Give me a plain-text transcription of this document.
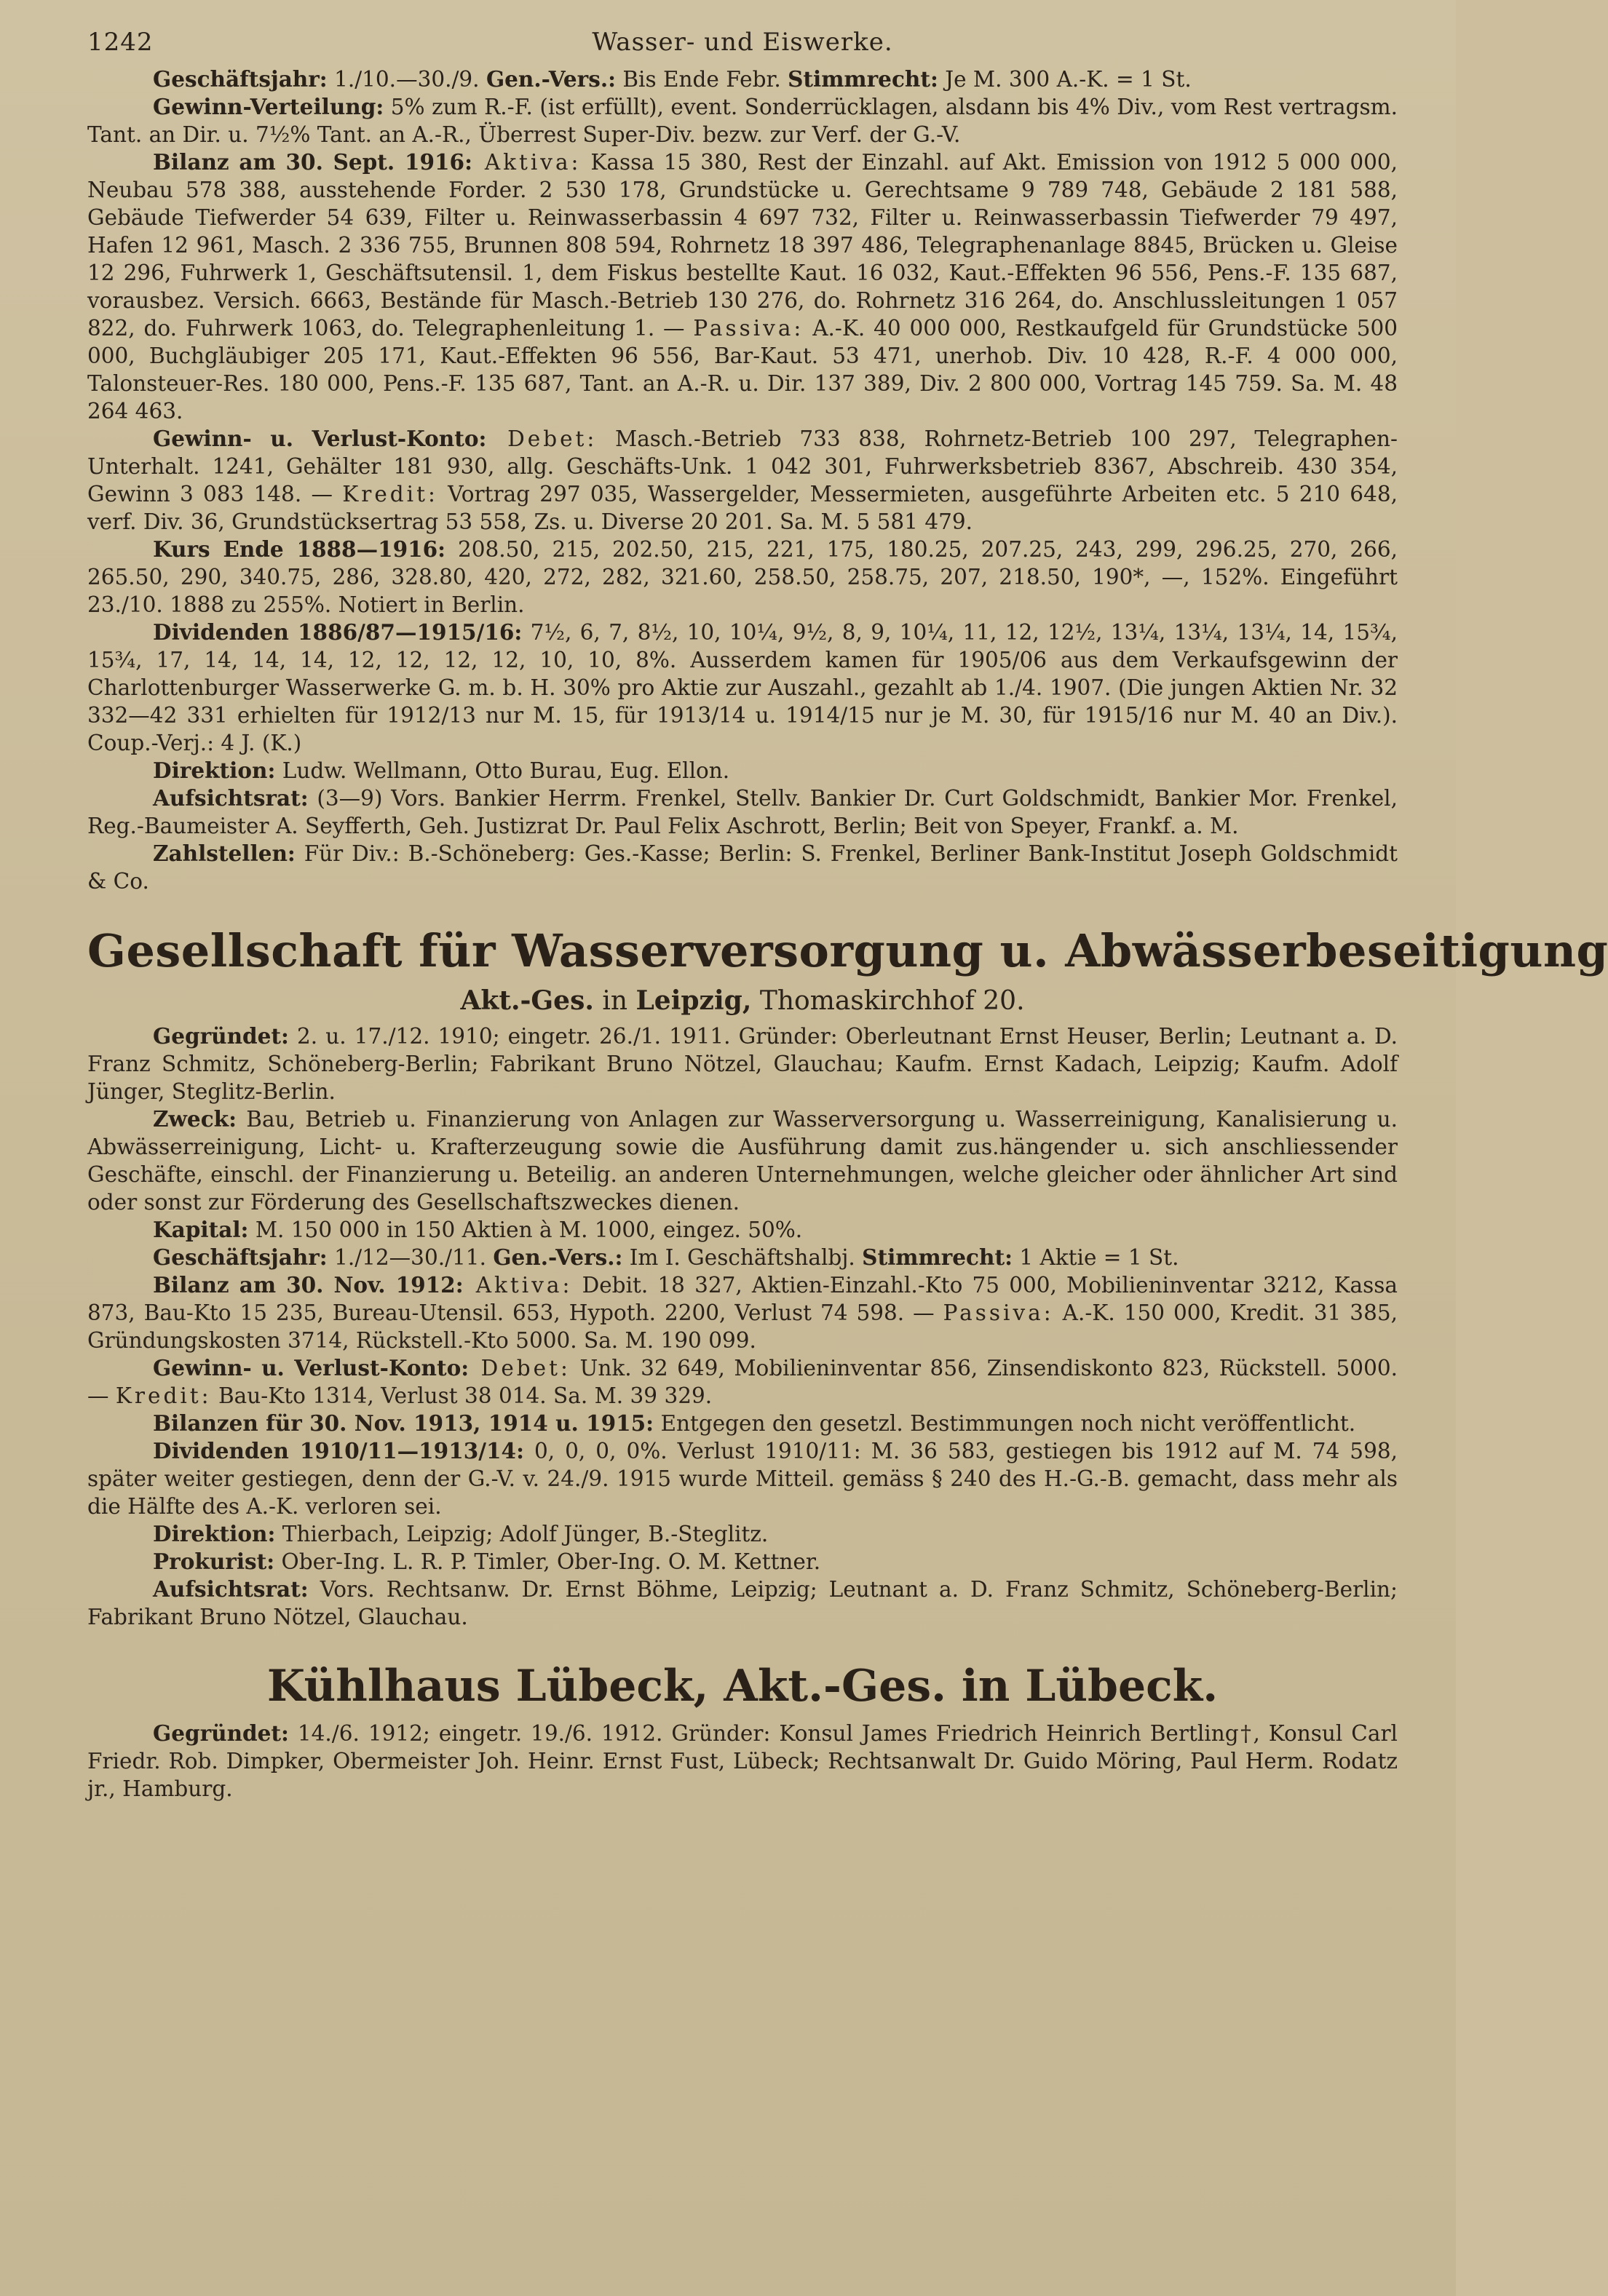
1242	Wasser- und Eiswerke.

Geschäftsjahr: 1./10.—30./9. Gen.-Vers.: Bis Ende Febr. Stimmrecht: Je M. 300 A.-K. = 1 St.

Gewinn-Verteilung: 5% zum R.-F. (ist erfüllt), event. Sonderrücklagen, alsdann bis 4% Div., vom Rest vertragsm. Tant. an Dir. u. 7½% Tant. an A.-R., Überrest Super-Div. bezw. zur Verf. der G.-V.

Bilanz am 30. Sept. 1916: Aktiva: Kassa 15 380, Rest der Einzahl. auf Akt. Emission von 1912 5 000 000, Neubau 578 388, ausstehende Forder. 2 530 178, Grundstücke u. Gerechtsame 9 789 748, Gebäude 2 181 588, Gebäude Tiefwerder 54 639, Filter u. Reinwasserbassin 4 697 732, Filter u. Reinwasserbassin Tiefwerder 79 497, Hafen 12 961, Masch. 2 336 755, Brunnen 808 594, Rohrnetz 18 397 486, Telegraphenanlage 8845, Brücken u. Gleise 12 296, Fuhrwerk 1, Geschäftsutensil. 1, dem Fiskus bestellte Kaut. 16 032, Kaut.-Effekten 96 556, Pens.-F. 135 687, vorausbez. Versich. 6663, Bestände für Masch.-Betrieb 130 276, do. Rohrnetz 316 264, do. Anschlussleitungen 1 057 822, do. Fuhrwerk 1063, do. Telegraphenleitung 1. — Passiva: A.-K. 40 000 000, Restkaufgeld für Grundstücke 500 000, Buchgläubiger 205 171, Kaut.-Effekten 96 556, Bar-Kaut. 53 471, unerhob. Div. 10 428, R.-F. 4 000 000, Talonsteuer-Res. 180 000, Pens.-F. 135 687, Tant. an A.-R. u. Dir. 137 389, Div. 2 800 000, Vortrag 145 759. Sa. M. 48 264 463.

Gewinn- u. Verlust-Konto: Debet: Masch.-Betrieb 733 838, Rohrnetz-Betrieb 100 297, Telegraphen-Unterhalt. 1241, Gehälter 181 930, allg. Geschäfts-Unk. 1 042 301, Fuhrwerksbetrieb 8367, Abschreib. 430 354, Gewinn 3 083 148. — Kredit: Vortrag 297 035, Wassergelder, Messermieten, ausgeführte Arbeiten etc. 5 210 648, verf. Div. 36, Grundstücksertrag 53 558, Zs. u. Diverse 20 201. Sa. M. 5 581 479.

Kurs Ende 1888—1916: 208.50, 215, 202.50, 215, 221, 175, 180.25, 207.25, 243, 299, 296.25, 270, 266, 265.50, 290, 340.75, 286, 328.80, 420, 272, 282, 321.60, 258.50, 258.75, 207, 218.50, 190*, —, 152%. Eingeführt 23./10. 1888 zu 255%. Notiert in Berlin.

Dividenden 1886/87—1915/16: 7½, 6, 7, 8½, 10, 10¼, 9½, 8, 9, 10¼, 11, 12, 12½, 13¼, 13¼, 13¼, 14, 15¾, 15¾, 17, 14, 14, 14, 12, 12, 12, 12, 10, 10, 8%. Ausserdem kamen für 1905/06 aus dem Verkaufsgewinn der Charlottenburger Wasserwerke G. m. b. H. 30% pro Aktie zur Auszahl., gezahlt ab 1./4. 1907. (Die jungen Aktien Nr. 32 332—42 331 erhielten für 1912/13 nur M. 15, für 1913/14 u. 1914/15 nur je M. 30, für 1915/16 nur M. 40 an Div.). Coup.-Verj.: 4 J. (K.)

Direktion: Ludw. Wellmann, Otto Burau, Eug. Ellon.

Aufsichtsrat: (3—9) Vors. Bankier Herrm. Frenkel, Stellv. Bankier Dr. Curt Goldschmidt, Bankier Mor. Frenkel, Reg.-Baumeister A. Seyfferth, Geh. Justizrat Dr. Paul Felix Aschrott, Berlin; Beit von Speyer, Frankf. a. M.

Zahlstellen: Für Div.: B.-Schöneberg: Ges.-Kasse; Berlin: S. Frenkel, Berliner Bank-Institut Joseph Goldschmidt & Co.

Gesellschaft für Wasserversorgung u. Abwässerbeseitigung

Akt.-Ges. in Leipzig, Thomaskirchhof 20.

Gegründet: 2. u. 17./12. 1910; eingetr. 26./1. 1911. Gründer: Oberleutnant Ernst Heuser, Berlin; Leutnant a. D. Franz Schmitz, Schöneberg-Berlin; Fabrikant Bruno Nötzel, Glauchau; Kaufm. Ernst Kadach, Leipzig; Kaufm. Adolf Jünger, Steglitz-Berlin.

Zweck: Bau, Betrieb u. Finanzierung von Anlagen zur Wasserversorgung u. Wasserreinigung, Kanalisierung u. Abwässerreinigung, Licht- u. Krafterzeugung sowie die Ausführung damit zus.hängender u. sich anschliessender Geschäfte, einschl. der Finanzierung u. Beteilig. an anderen Unternehmungen, welche gleicher oder ähnlicher Art sind oder sonst zur Förderung des Gesellschaftszweckes dienen.

Kapital: M. 150 000 in 150 Aktien à M. 1000, eingez. 50%.

Geschäftsjahr: 1./12—30./11. Gen.-Vers.: Im I. Geschäftshalbj. Stimmrecht: 1 Aktie = 1 St.

Bilanz am 30. Nov. 1912: Aktiva: Debit. 18 327, Aktien-Einzahl.-Kto 75 000, Mobilieninventar 3212, Kassa 873, Bau-Kto 15 235, Bureau-Utensil. 653, Hypoth. 2200, Verlust 74 598. — Passiva: A.-K. 150 000, Kredit. 31 385, Gründungskosten 3714, Rückstell.-Kto 5000. Sa. M. 190 099.

Gewinn- u. Verlust-Konto: Debet: Unk. 32 649, Mobilieninventar 856, Zinsendiskonto 823, Rückstell. 5000. — Kredit: Bau-Kto 1314, Verlust 38 014. Sa. M. 39 329.

Bilanzen für 30. Nov. 1913, 1914 u. 1915: Entgegen den gesetzl. Bestimmungen noch nicht veröffentlicht.

Dividenden 1910/11—1913/14: 0, 0, 0, 0%. Verlust 1910/11: M. 36 583, gestiegen bis 1912 auf M. 74 598, später weiter gestiegen, denn der G.-V. v. 24./9. 1915 wurde Mitteil. gemäss § 240 des H.-G.-B. gemacht, dass mehr als die Hälfte des A.-K. verloren sei.

Direktion: Thierbach, Leipzig; Adolf Jünger, B.-Steglitz.

Prokurist: Ober-Ing. L. R. P. Timler, Ober-Ing. O. M. Kettner.

Aufsichtsrat: Vors. Rechtsanw. Dr. Ernst Böhme, Leipzig; Leutnant a. D. Franz Schmitz, Schöneberg-Berlin; Fabrikant Bruno Nötzel, Glauchau.

Kühlhaus Lübeck, Akt.-Ges. in Lübeck.

Gegründet: 14./6. 1912; eingetr. 19./6. 1912. Gründer: Konsul James Friedrich Heinrich Bertling†, Konsul Carl Friedr. Rob. Dimpker, Obermeister Joh. Heinr. Ernst Fust, Lübeck; Rechtsanwalt Dr. Guido Möring, Paul Herm. Rodatz jr., Hamburg.
